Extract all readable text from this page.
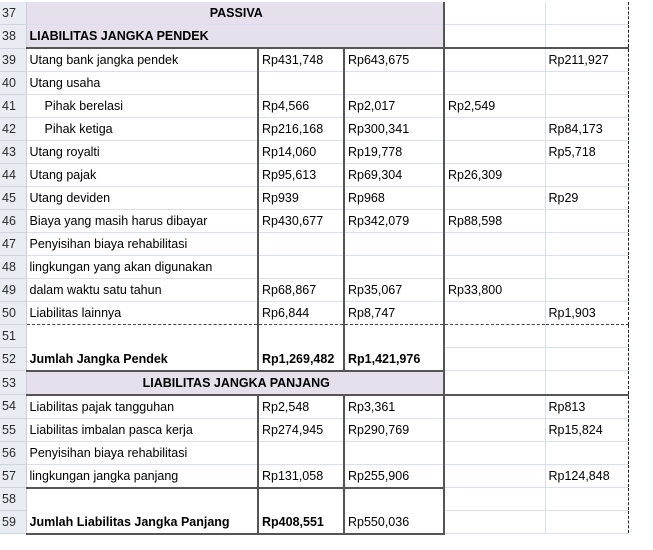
37	PASSIVA				
38	LIABILITAS JANGKA PENDEK				
39	Utang bank jangka pendek	Rp431,748	Rp643,675		Rp211,927
40	Utang usaha				
41	Pihak berelasi	Rp4,566	Rp2,017	Rp2,549	
42	Pihak ketiga	Rp216,168	Rp300,341		Rp84,173
43	Utang royalti	Rp14,060	Rp19,778		Rp5,718
44	Utang pajak	Rp95,613	Rp69,304	Rp26,309	
45	Utang deviden	Rp939	Rp968		Rp29
46	Biaya yang masih harus dibayar	Rp430,677	Rp342,079	Rp88,598	
47	Penyisihan biaya rehabilitasi				
48	lingkungan yang akan digunakan				
49	dalam waktu satu tahun	Rp68,867	Rp35,067	Rp33,800	
50	Liabilitas lainnya	Rp6,844	Rp8,747		Rp1,903
51					
52	Jumlah Jangka Pendek	Rp1,269,482	Rp1,421,976		
53	LIABILITAS JANGKA PANJANG				
54	Liabilitas pajak tangguhan	Rp2,548	Rp3,361		Rp813
55	Liabilitas imbalan pasca kerja	Rp274,945	Rp290,769		Rp15,824
56	Penyisihan biaya rehabilitasi				
57	lingkungan jangka panjang	Rp131,058	Rp255,906		Rp124,848
58					
59	Jumlah Liabilitas Jangka Panjang	Rp408,551	Rp550,036		
